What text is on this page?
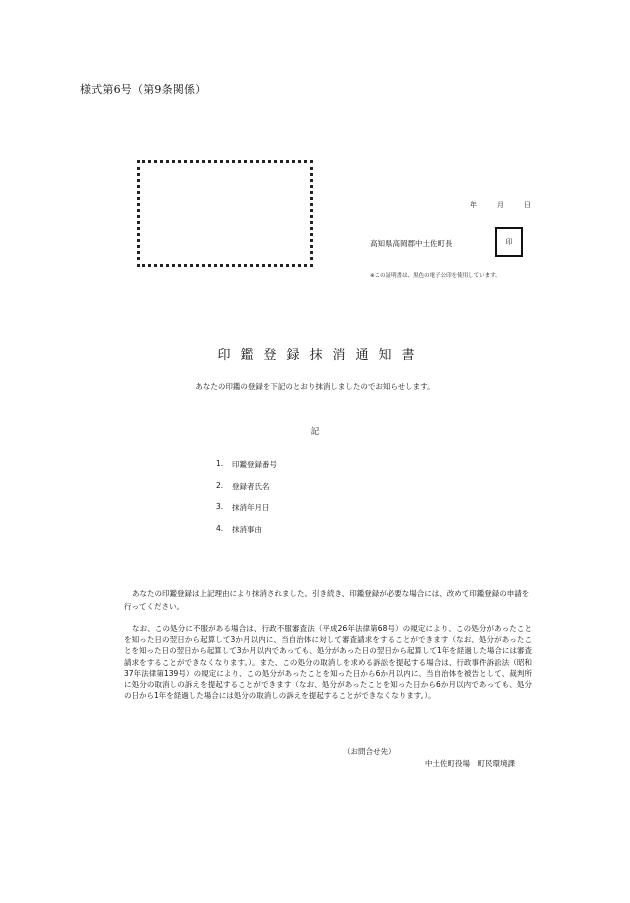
様式第6号（第9条関係）
年	月	日
高知県高岡郡中土佐町長	印
※この証明書は、黒色の電子公印を使用しています。
印鑑登録抹消通知書
あなたの印鑑の登録を下記のとおり抹消しましたのでお知らせします。
記
1.	印鑑登録番号
2.	登録者氏名
3.	抹消年月日
4.	抹消事由
あなたの印鑑登録は上記理由により抹消されました。引き続き、印鑑登録が必要な場合には、改めて印鑑登録の申請を行ってください。
なお、この処分に不服がある場合は、行政不服審査法（平成26年法律第68号）の規定により、この処分があったことを知った日の翌日から起算して3か月以内に、当自治体に対して審査請求をすることができます（なお、処分があったことを知った日の翌日から起算して3か月以内であっても、処分があった日の翌日から起算して1年を経過した場合には審査請求をすることができなくなります。）。また、この処分の取消しを求める訴訟を提起する場合は、行政事件訴訟法（昭和37年法律第139号）の規定により、この処分があったことを知った日から6か月以内に、当自治体を被告として、裁判所に処分の取消しの訴えを提起することができます（なお、処分があったことを知った日から6か月以内であっても、処分の日から1年を経過した場合には処分の取消しの訴えを提起することができなくなります。）。
（お問合せ先）
中土佐町役場　町民環境課
